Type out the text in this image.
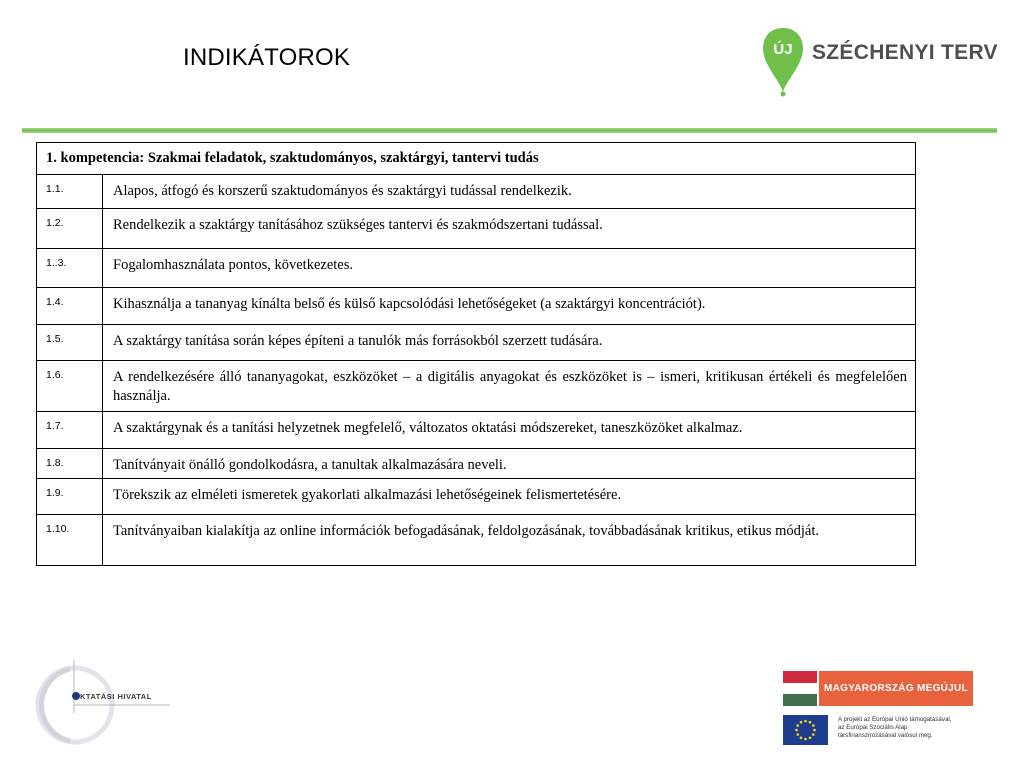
INDIKÁTOROK	ÚJ SZÉCHENYI TERV
1. kompetencia: Szakmai feladatok, szaktudományos, szaktárgyi, tantervi tudás	
1.1.	Alapos, átfogó és korszerű szaktudományos és szaktárgyi tudással rendelkezik.
1.2.	Rendelkezik a szaktárgy tanításához szükséges tantervi és szakmódszertani tudással.
1..3.	Fogalomhasználata pontos, következetes.
1.4.	Kihasználja a tananyag kínálta belső és külső kapcsolódási lehetőségeket (a szaktárgyi koncentrációt).
1.5.	A szaktárgy tanítása során képes építeni a tanulók más forrásokból szerzett tudására.
1.6.	A rendelkezésére álló tananyagokat, eszközöket – a digitális anyagokat és eszközöket is – ismeri, kritikusan értékeli és megfelelően használja.
1.7.	A szaktárgynak és a tanítási helyzetnek megfelelő, változatos oktatási módszereket, taneszközöket alkalmaz.
1.8.	Tanítványait önálló gondolkodásra, a tanultak alkalmazására neveli.
1.9.	Törekszik az elméleti ismeretek gyakorlati alkalmazási lehetőségeinek felismertetésére.
1.10.	Tanítványaiban kialakítja az online információk befogadásának, feldolgozásának, továbbadásának kritikus, etikus módját.
KTATÁSI HIVATAL
MAGYARORSZÁG MEGÚJUL
A projekt az Európai Unió támogatásával,
az Európai Szociális Alap
társfinanszírozásával valósul meg.
